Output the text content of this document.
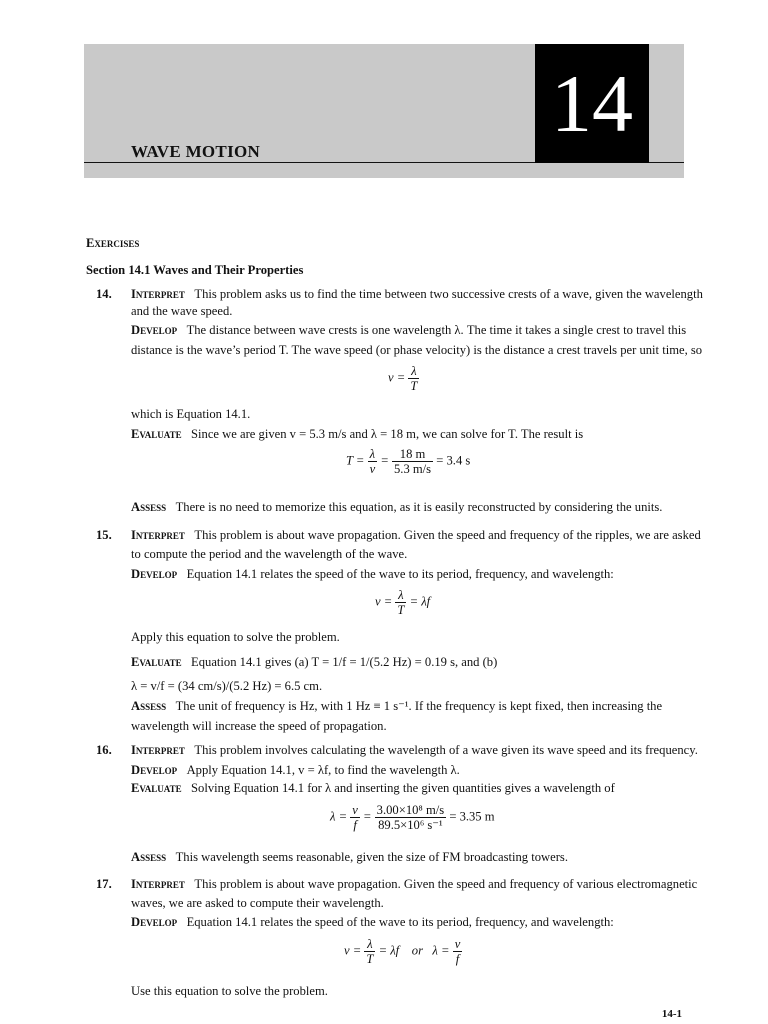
14
WAVE MOTION
Exercises
Section 14.1 Waves and Their Properties
14. Interpret This problem asks us to find the time between two successive crests of a wave, given the wavelength
and the wave speed.
Develop The distance between wave crests is one wavelength λ. The time it takes a single crest to travel this
distance is the wave’s period T. The wave speed (or phase velocity) is the distance a crest travels per unit time, so
$v = \frac{\lambda}{T}$
which is Equation 14.1.
Evaluate Since we are given v = 5.3 m/s and λ = 18 m, we can solve for T. The result is
$T = \frac{\lambda}{v} = \frac{18 m}{5.3 m/s} = 3.4$ s
Assess There is no need to memorize this equation, as it is easily reconstructed by considering the units.
15. Interpret This problem is about wave propagation. Given the speed and frequency of the ripples, we are asked
to compute the period and the wavelength of the wave.
Develop Equation 14.1 relates the speed of the wave to its period, frequency, and wavelength:
$v = \frac{\lambda}{T} = \lambda f$
Apply this equation to solve the problem.
Evaluate Equation 14.1 gives (a) T = 1/f = 1/(5.2 Hz) = 0.19 s, and (b)
λ = v/f = (34 cm/s)/(5.2 Hz) = 6.5 cm.
Assess The unit of frequency is Hz, with 1 Hz ≡ 1 s⁻¹. If the frequency is kept fixed, then increasing the
wavelength will increase the speed of propagation.
16. Interpret This problem involves calculating the wavelength of a wave given its wave speed and its frequency.
Develop Apply Equation 14.1, v = λf, to find the wavelength λ.
Evaluate Solving Equation 14.1 for λ and inserting the given quantities gives a wavelength of
$\lambda = \frac{v}{f} = \frac{\text{3.00×10⁸ m/s}}{\text{89.5×10⁶ s⁻¹}} = 3.35$ m
Assess This wavelength seems reasonable, given the size of FM broadcasting towers.
17. Interpret This problem is about wave propagation. Given the speed and frequency of various electromagnetic
waves, we are asked to compute their wavelength.
Develop Equation 14.1 relates the speed of the wave to its period, frequency, and wavelength:
$v = \frac{\lambda}{T} = \lambda f$    or   $\lambda = \frac{v}{f}$
Use this equation to solve the problem.
14-1
